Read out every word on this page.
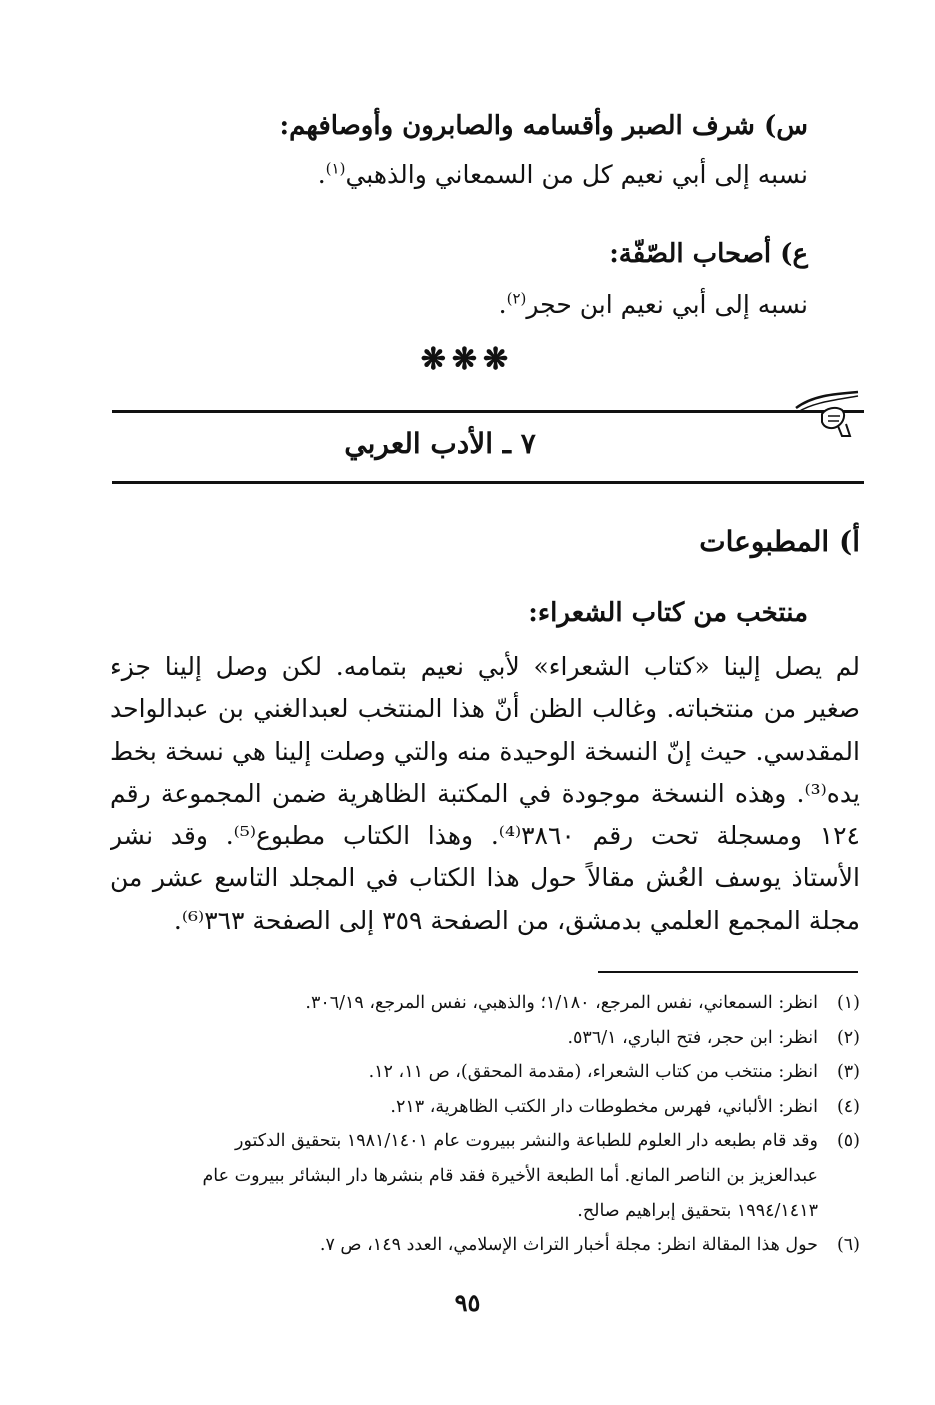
س) شرف الصبر وأقسامه والصابرون وأوصافهم:
نسبه إلى أبي نعيم كل من السمعاني والذهبي$^{(١)}$.
ع) أصحاب الصّفّة:
نسبه إلى أبي نعيم ابن حجر$^{(٢)}$.
❋❋❋
٧ ـ الأدب العربي
أ) المطبوعات
منتخب من كتاب الشعراء:
لم يصل إلينا «كتاب الشعراء» لأبي نعيم بتمامه. لكن وصل إلينا جزء
صغير من منتخباته. وغالب الظن أنّ هذا المنتخب لعبدالغني بن عبدالواحد
المقدسي. حيث إنّ النسخة الوحيدة منه والتي وصلت إلينا هي نسخة بخط
يده⁽³⁾. وهذه النسخة موجودة في المكتبة الظاهرية ضمن المجموعة رقم
١٢٤ ومسجلة تحت رقم ٣٨٦٠⁽⁴⁾. وهذا الكتاب مطبوع⁽⁵⁾. وقد نشر
الأستاذ يوسف العُش مقالاً حول هذا الكتاب في المجلد التاسع عشر من
مجلة المجمع العلمي بدمشق، من الصفحة ٣٥٩ إلى الصفحة ٣٦٣⁽⁶⁾.
(١)
انظر: السمعاني، نفس المرجع، ١/١٨٠؛ والذهبي، نفس المرجع، ٣٠٦/١٩.
(٢)
انظر: ابن حجر، فتح الباري، ٥٣٦/١.
(٣)
انظر: منتخب من كتاب الشعراء، (مقدمة المحقق)، ص ١١، ١٢.
(٤)
انظر: الألباني، فهرس مخطوطات دار الكتب الظاهرية، ٢١٣.
(٥)
وقد قام بطبعه دار العلوم للطباعة والنشر ببيروت عام ١٩٨١/١٤٠١ بتحقيق الدكتور
عبدالعزيز بن الناصر المانع. أما الطبعة الأخيرة فقد قام بنشرها دار البشائر ببيروت عام
١٩٩٤/١٤١٣ بتحقيق إبراهيم صالح.
(٦)
حول هذا المقالة انظر: مجلة أخبار التراث الإسلامي، العدد ١٤٩، ص ٧.
٩٥
